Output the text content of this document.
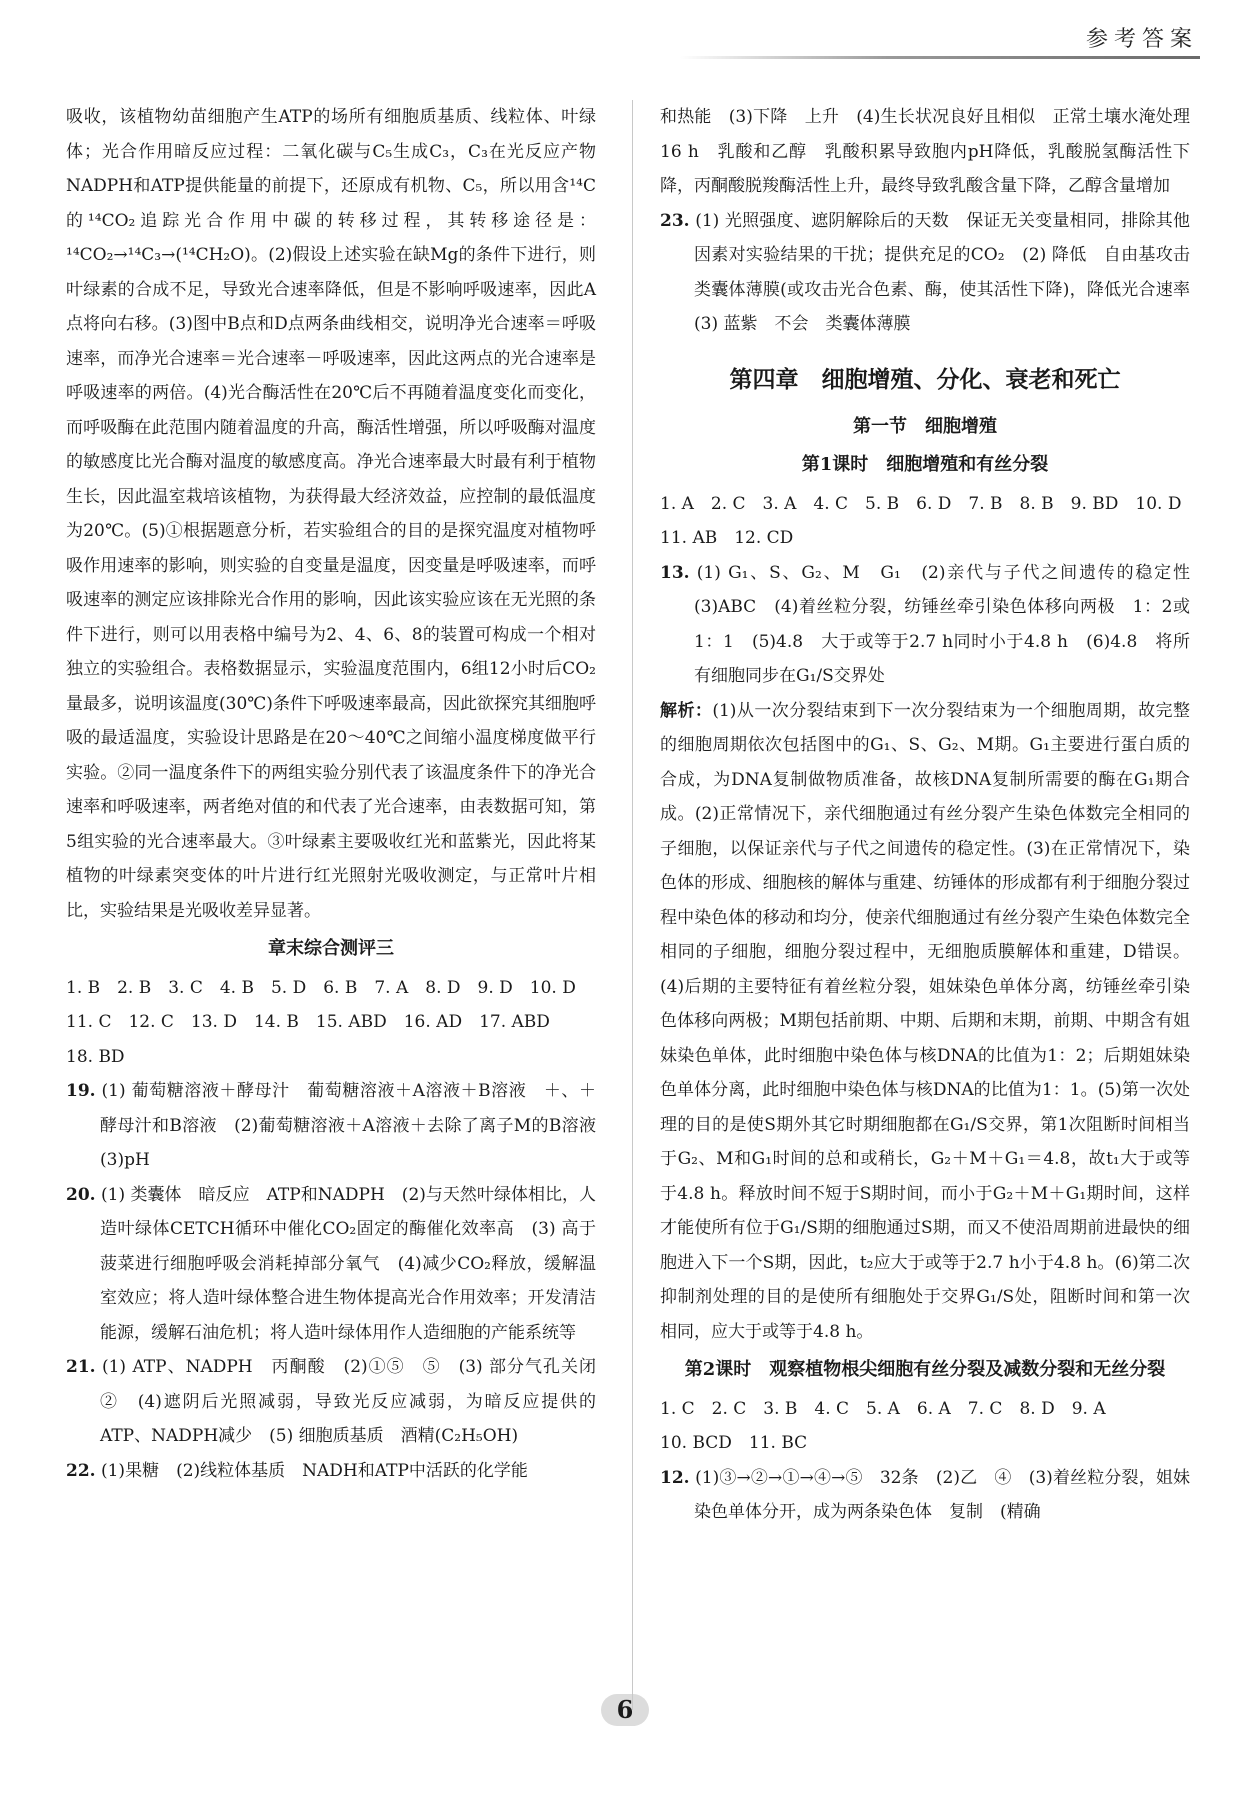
参考答案

吸收，该植物幼苗细胞产生ATP的场所有细胞质基质、线粒体、叶绿体；光合作用暗反应过程：二氧化碳与C₅生成C₃，C₃在光反应产物NADPH和ATP提供能量的前提下，还原成有机物、C₅，所以用含¹⁴C的¹⁴CO₂追踪光合作用中碳的转移过程，其转移途径是：¹⁴CO₂→¹⁴C₃→(¹⁴CH₂O)。(2)假设上述实验在缺Mg的条件下进行，则叶绿素的合成不足，导致光合速率降低，但是不影响呼吸速率，因此A点将向右移。(3)图中B点和D点两条曲线相交，说明净光合速率＝呼吸速率，而净光合速率＝光合速率－呼吸速率，因此这两点的光合速率是呼吸速率的两倍。(4)光合酶活性在20℃后不再随着温度变化而变化，而呼吸酶在此范围内随着温度的升高，酶活性增强，所以呼吸酶对温度的敏感度比光合酶对温度的敏感度高。净光合速率最大时最有利于植物生长，因此温室栽培该植物，为获得最大经济效益，应控制的最低温度为20℃。(5)①根据题意分析，若实验组合的目的是探究温度对植物呼吸作用速率的影响，则实验的自变量是温度，因变量是呼吸速率，而呼吸速率的测定应该排除光合作用的影响，因此该实验应该在无光照的条件下进行，则可以用表格中编号为2、4、6、8的装置可构成一个相对独立的实验组合。表格数据显示，实验温度范围内，6组12小时后CO₂量最多，说明该温度(30℃)条件下呼吸速率最高，因此欲探究其细胞呼吸的最适温度，实验设计思路是在20～40℃之间缩小温度梯度做平行实验。②同一温度条件下的两组实验分别代表了该温度条件下的净光合速率和呼吸速率，两者绝对值的和代表了光合速率，由表数据可知，第5组实验的光合速率最大。③叶绿素主要吸收红光和蓝紫光，因此将某植物的叶绿素突变体的叶片进行红光照射光吸收测定，与正常叶片相比，实验结果是光吸收差异显著。

章末综合测评三

1. B　2. B　3. C　4. B　5. D　6. B　7. A　8. D　9. D　10. D

11. C　12. C　13. D　14. B　15. ABD　16. AD　17. ABD

18. BD

19. (1) 葡萄糖溶液＋酵母汁　葡萄糖溶液＋A溶液＋B溶液　＋、＋　酵母汁和B溶液　(2)葡萄糖溶液＋A溶液＋去除了离子M的B溶液　(3)pH

20. (1) 类囊体　暗反应　ATP和NADPH　(2)与天然叶绿体相比，人造叶绿体CETCH循环中催化CO₂固定的酶催化效率高　(3) 高于　菠菜进行细胞呼吸会消耗掉部分氧气　(4)减少CO₂释放，缓解温室效应；将人造叶绿体整合进生物体提高光合作用效率；开发清洁能源，缓解石油危机；将人造叶绿体用作人造细胞的产能系统等

21. (1) ATP、NADPH　丙酮酸　(2)①⑤　⑤　(3) 部分气孔关闭　②　(4)遮阴后光照减弱，导致光反应减弱，为暗反应提供的ATP、NADPH减少　(5) 细胞质基质　酒精(C₂H₅OH)

22. (1)果糖　(2)线粒体基质　NADH和ATP中活跃的化学能

和热能　(3)下降　上升　(4)生长状况良好且相似　正常土壤水淹处理16 h　乳酸和乙醇　乳酸积累导致胞内pH降低，乳酸脱氢酶活性下降，丙酮酸脱羧酶活性上升，最终导致乳酸含量下降，乙醇含量增加

23. (1) 光照强度、遮阴解除后的天数　保证无关变量相同，排除其他因素对实验结果的干扰；提供充足的CO₂　(2) 降低　自由基攻击类囊体薄膜(或攻击光合色素、酶，使其活性下降)，降低光合速率　(3) 蓝紫　不会　类囊体薄膜

第四章　细胞增殖、分化、衰老和死亡

第一节　细胞增殖

第1课时　细胞增殖和有丝分裂

1. A　2. C　3. A　4. C　5. B　6. D　7. B　8. B　9. BD　10. D

11. AB　12. CD

13. (1) G₁、S、G₂、M　G₁　(2)亲代与子代之间遗传的稳定性　(3)ABC　(4)着丝粒分裂，纺锤丝牵引染色体移向两极　1：2或1：1　(5)4.8　大于或等于2.7 h同时小于4.8 h　(6)4.8　将所有细胞同步在G₁/S交界处

解析：(1)从一次分裂结束到下一次分裂结束为一个细胞周期，故完整的细胞周期依次包括图中的G₁、S、G₂、M期。G₁主要进行蛋白质的合成，为DNA复制做物质准备，故核DNA复制所需要的酶在G₁期合成。(2)正常情况下，亲代细胞通过有丝分裂产生染色体数完全相同的子细胞，以保证亲代与子代之间遗传的稳定性。(3)在正常情况下，染色体的形成、细胞核的解体与重建、纺锤体的形成都有利于细胞分裂过程中染色体的移动和均分，使亲代细胞通过有丝分裂产生染色体数完全相同的子细胞，细胞分裂过程中，无细胞质膜解体和重建，D错误。(4)后期的主要特征有着丝粒分裂，姐妹染色单体分离，纺锤丝牵引染色体移向两极；M期包括前期、中期、后期和末期，前期、中期含有姐妹染色单体，此时细胞中染色体与核DNA的比值为1：2；后期姐妹染色单体分离，此时细胞中染色体与核DNA的比值为1：1。(5)第一次处理的目的是使S期外其它时期细胞都在G₁/S交界，第1次阻断时间相当于G₂、M和G₁时间的总和或稍长，G₂＋M＋G₁＝4.8，故t₁大于或等于4.8 h。释放时间不短于S期时间，而小于G₂＋M＋G₁期时间，这样才能使所有位于G₁/S期的细胞通过S期，而又不使沿周期前进最快的细胞进入下一个S期，因此，t₂应大于或等于2.7 h小于4.8 h。(6)第二次抑制剂处理的目的是使所有细胞处于交界G₁/S处，阻断时间和第一次相同，应大于或等于4.8 h。

第2课时　观察植物根尖细胞有丝分裂及减数分裂和无丝分裂

1. C　2. C　3. B　4. C　5. A　6. A　7. C　8. D　9. A

10. BCD　11. BC

12. (1)③→②→①→④→⑤　32条　(2)乙　④　(3)着丝粒分裂，姐妹染色单体分开，成为两条染色体　复制　(精确

6
